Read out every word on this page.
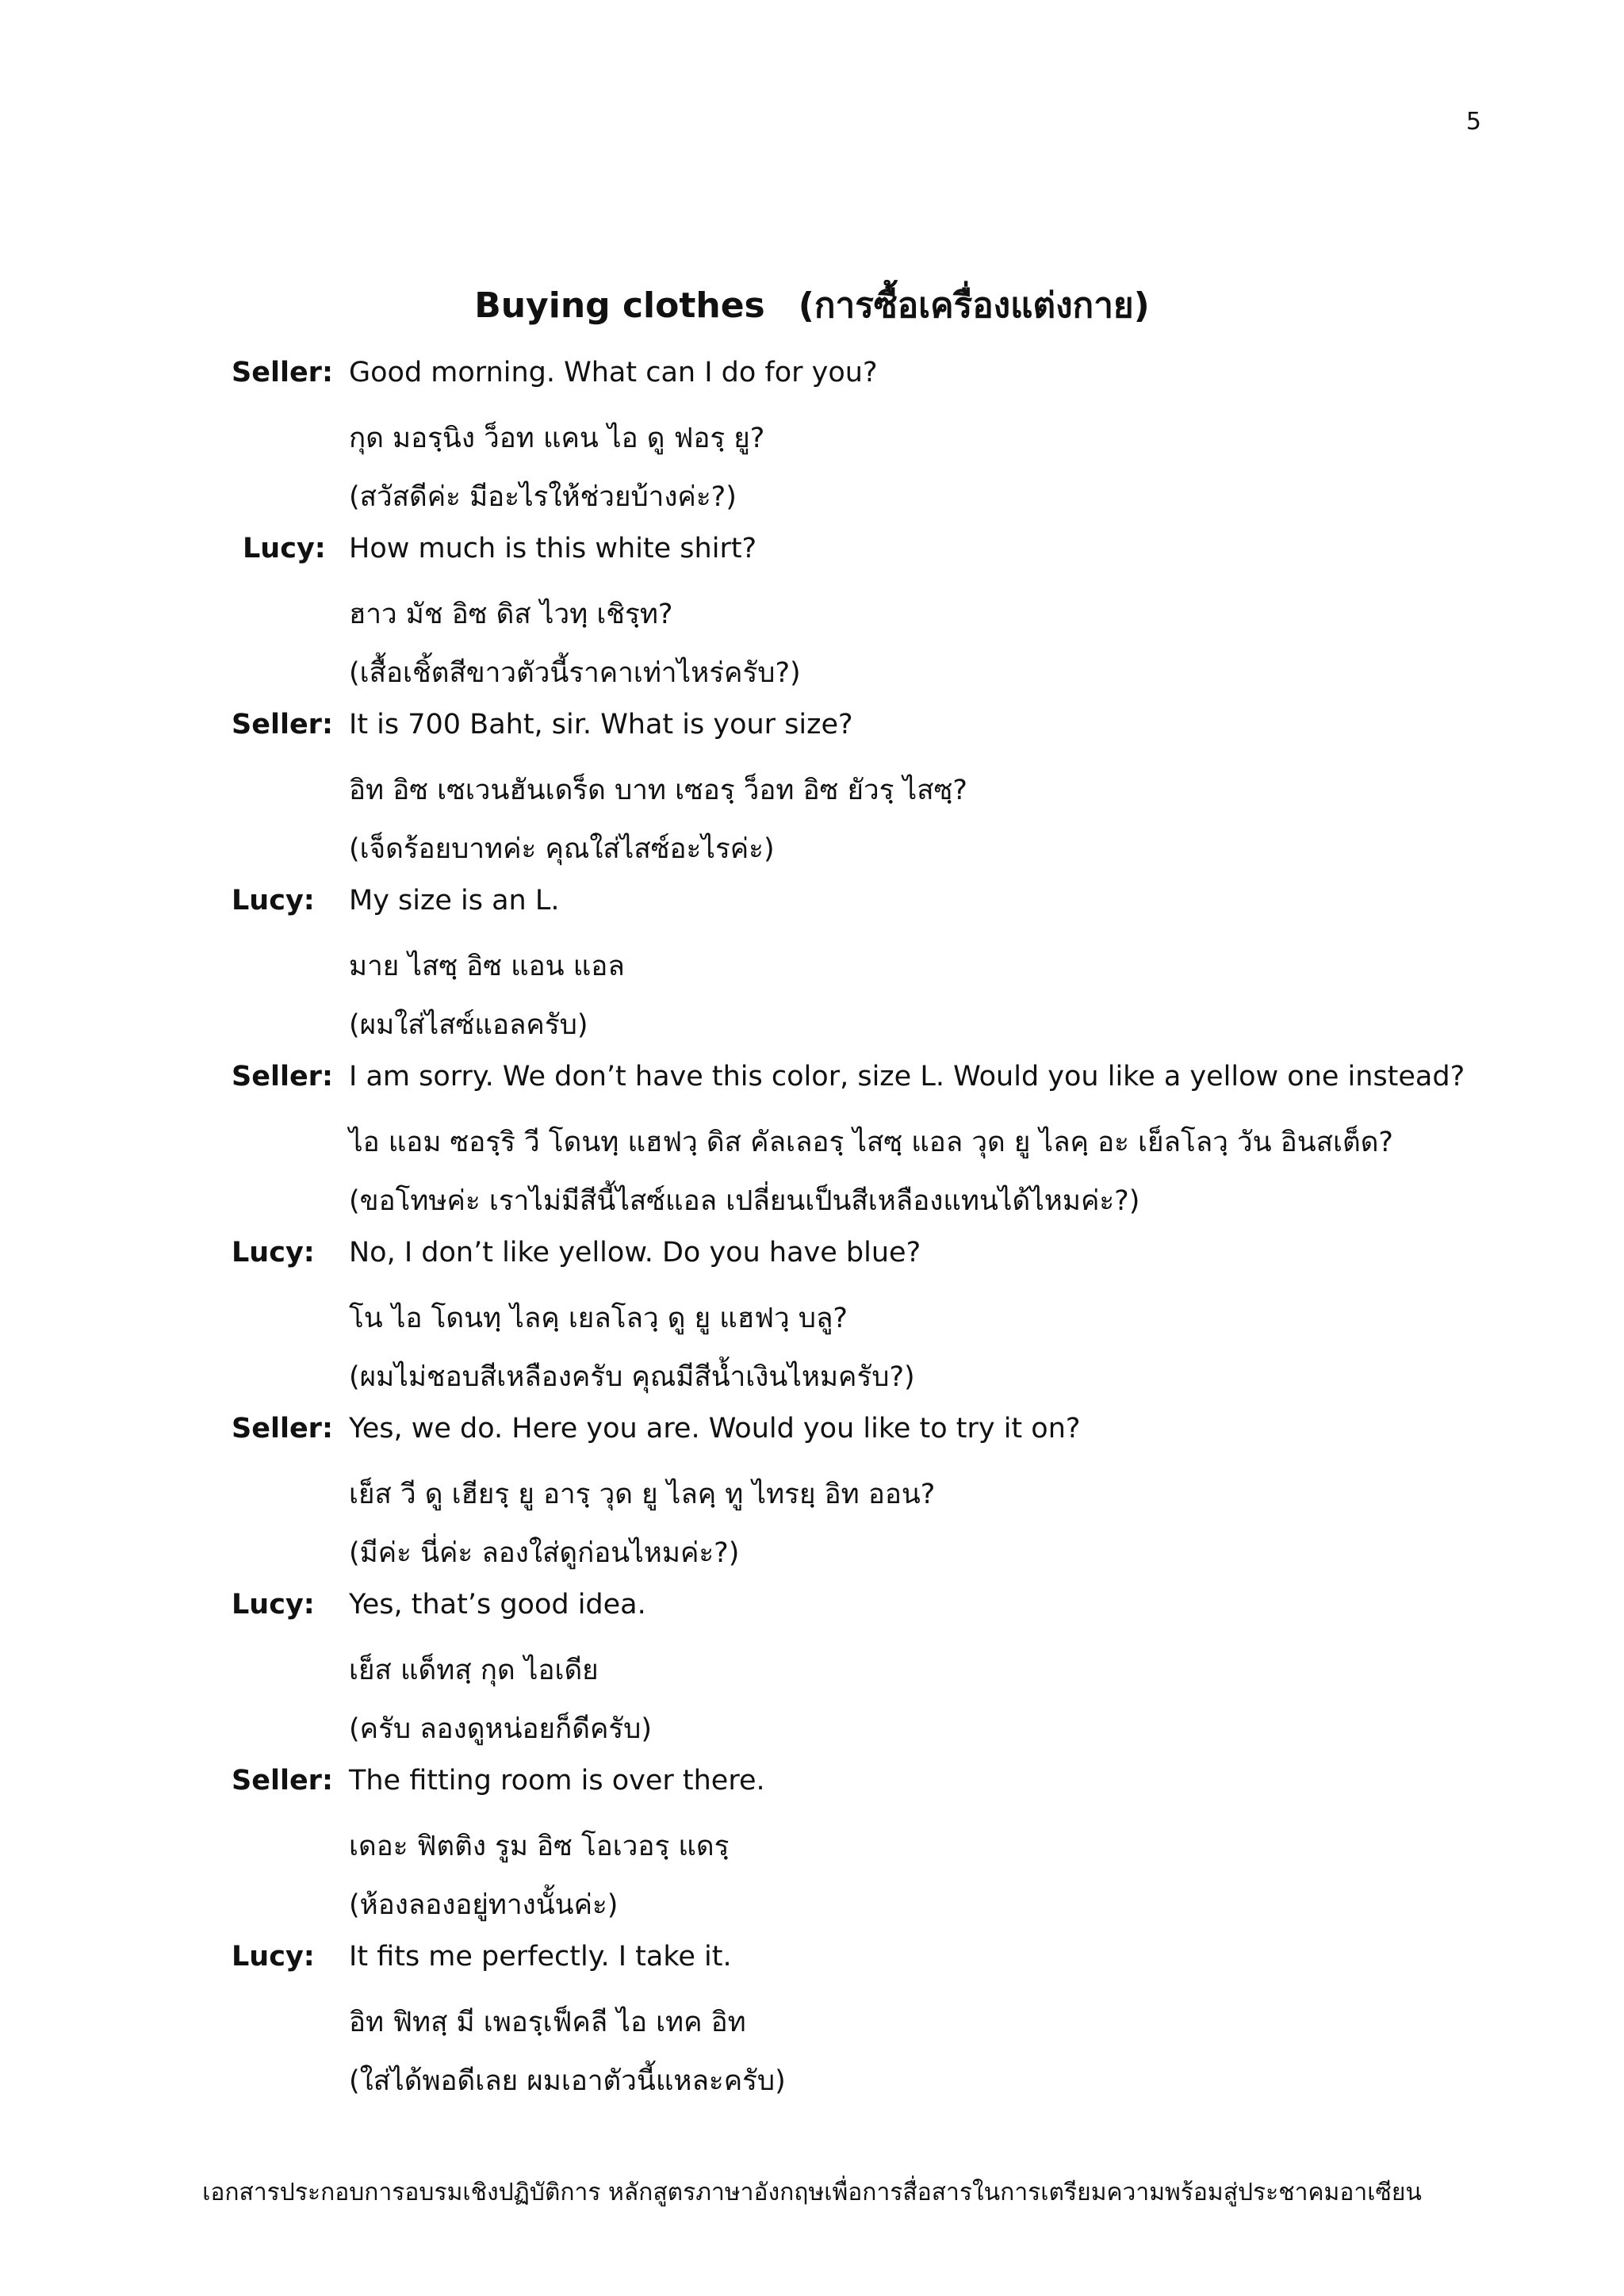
5
Buying clothes (การซื้อเครื่องแต่งกาย)
Seller: Good morning. What can I do for you?
กุด มอรฺนิง ว็อท แคน ไอ ดู ฟอรฺ ยู?
(สวัสดีค่ะ มีอะไรให้ช่วยบ้างค่ะ?)
Lucy: How much is this white shirt?
ฮาว มัช อิซ ดิส ไวทฺ เชิรฺท?
(เสื้อเชิ้ตสีขาวตัวนี้ราคาเท่าไหร่ครับ?)
Seller: It is 700 Baht, sir. What is your size?
อิท อิซ เซเวนฮันเดร็ด บาท เซอรฺ ว็อท อิซ ยัวรฺ ไสซฺ?
(เจ็ดร้อยบาทค่ะ คุณใส่ไสซ์อะไรค่ะ)
Lucy:	My size is an L.
มาย ไสซฺ อิซ แอน แอล
(ผมใส่ไสซ์แอลครับ)
Seller: I am sorry. We don’t have this color, size L. Would you like a yellow one instead?
ไอ แอม ซอรฺริ วี โดนทฺ แฮฟวฺ ดิส คัลเลอรฺ ไสซฺ แอล วุด ยู ไลคฺ อะ เย็ลโลวฺ วัน อินสเต็ด?
(ขอโทษค่ะ เราไม่มีสีนี้ไสซ์แอล เปลี่ยนเป็นสีเหลืองแทนได้ไหมค่ะ?)
Lucy:	No, I don’t like yellow. Do you have blue?
โน ไอ โดนทฺ ไลคฺ เยลโลวฺ ดู ยู แฮฟวฺ บลู?
(ผมไม่ชอบสีเหลืองครับ คุณมีสีน้ำเงินไหมครับ?)
Seller: Yes, we do. Here you are. Would you like to try it on?
เย็ส วี ดู เฮียรฺ ยู อารฺ วุด ยู ไลคฺ ทู ไทรยฺ อิท ออน?
(มีค่ะ นี่ค่ะ ลองใส่ดูก่อนไหมค่ะ?)
Lucy:	Yes, that’s good idea.
เย็ส แด็ทสฺ กุด ไอเดีย
(ครับ ลองดูหน่อยก็ดีครับ)
Seller: The fitting room is over there.
เดอะ ฟิตติง รูม อิซ โอเวอรฺ แดรฺ
(ห้องลองอยู่ทางนั้นค่ะ)
Lucy:	It fits me perfectly. I take it.
อิท ฟิทสฺ มี เพอรฺเฟ็คลี ไอ เทค อิท
(ใส่ได้พอดีเลย ผมเอาตัวนี้แหละครับ)
เอกสารประกอบการอบรมเชิงปฏิบัติการ หลักสูตรภาษาอังกฤษเพื่อการสื่อสารในการเตรียมความพร้อมสู่ประชาคมอาเซียน
